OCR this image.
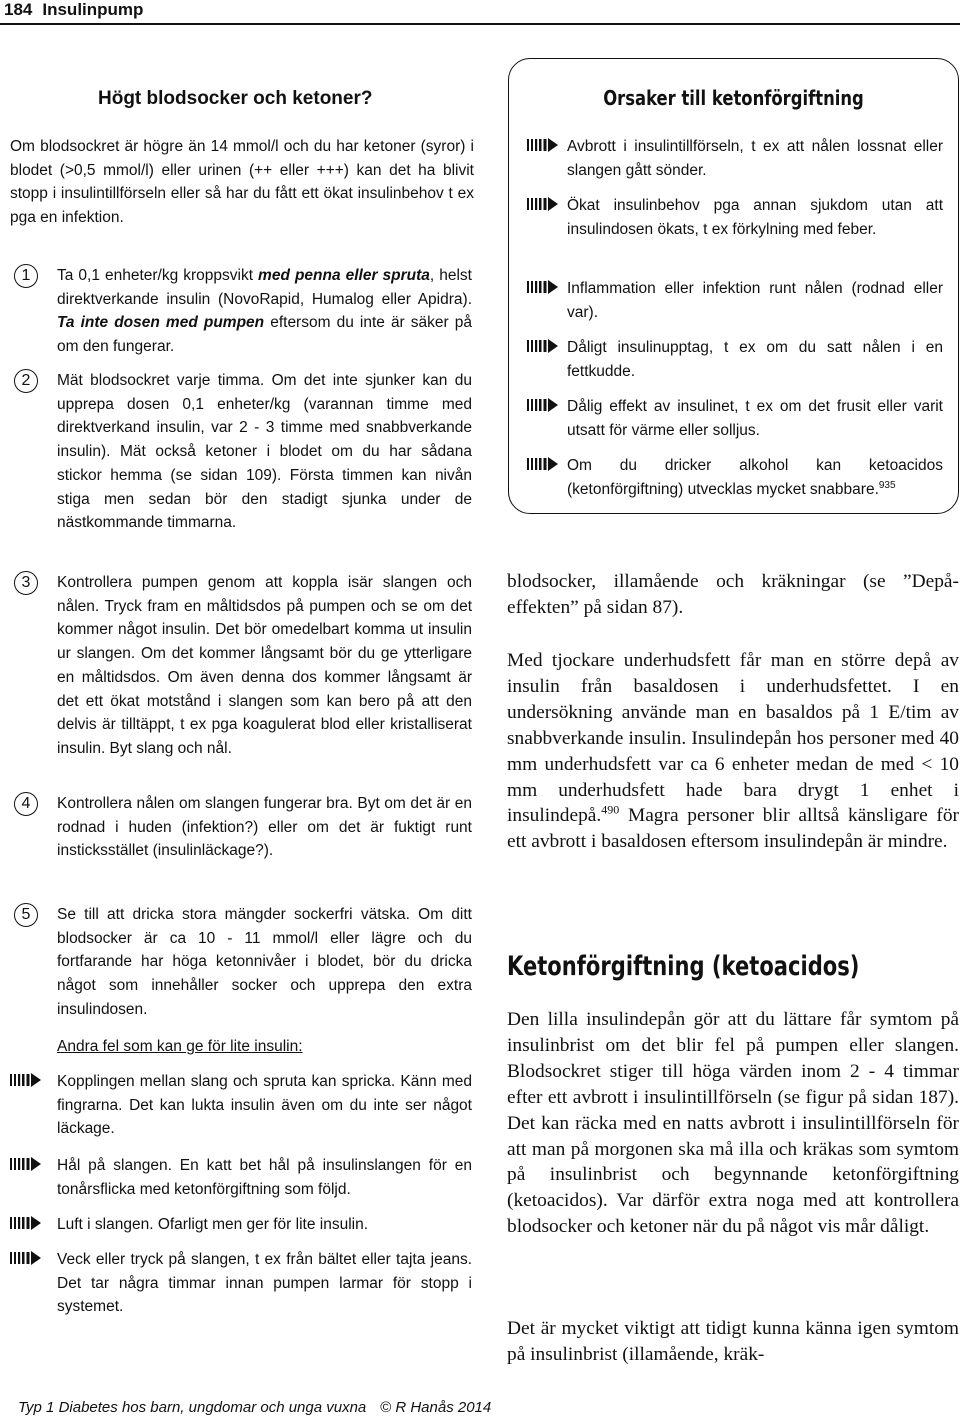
184 Insulinpump
Högt blodsocker och ketoner?

Om blodsockret är högre än 14 mmol/l och du har ketoner (syror) i blodet (>0,5 mmol/l) eller urinen (++ eller +++) kan det ha blivit stopp i insulintillförseln eller så har du fått ett ökat insulinbehov t ex pga en infektion.

1	Ta 0,1 enheter/kg kroppsvikt med penna eller spruta, helst direktverkande insulin (NovoRapid, Humalog eller Apidra). Ta inte dosen med pumpen eftersom du inte är säker på om den fungerar.

2	Mät blodsockret varje timma. Om det inte sjunker kan du upprepa dosen 0,1 enheter/kg (varannan timme med direktverkand insulin, var 2 - 3 timme med snabbverkande insulin). Mät också ketoner i blodet om du har sådana stickor hemma (se sidan 109). Första timmen kan nivån stiga men sedan bör den stadigt sjunka under de nästkommande timmarna.

3	Kontrollera pumpen genom att koppla isär slangen och nålen. Tryck fram en måltidsdos på pumpen och se om det kommer något insulin. Det bör omedelbart komma ut insulin ur slangen. Om det kommer långsamt bör du ge ytterligare en måltidsdos. Om även denna dos kommer långsamt är det ett ökat motstånd i slangen som kan bero på att den delvis är tilltäppt, t ex pga koagulerat blod eller kristalliserat insulin. Byt slang och nål.

4	Kontrollera nålen om slangen fungerar bra. Byt om det är en rodnad i huden (infektion?) eller om det är fuktigt runt insticksstället (insulinläckage?).

5	Se till att dricka stora mängder sockerfri vätska. Om ditt blodsocker är ca 10 - 11 mmol/l eller lägre och du fortfarande har höga ketonnivåer i blodet, bör du dricka något som innehåller socker och upprepa den extra insulindosen.

Andra fel som kan ge för lite insulin:

Kopplingen mellan slang och spruta kan spricka. Känn med fingrarna. Det kan lukta insulin även om du inte ser något läckage.

Hål på slangen. En katt bet hål på insulinslangen för en tonårsflicka med ketonförgiftning som följd.

Luft i slangen. Ofarligt men ger för lite insulin.

Veck eller tryck på slangen, t ex från bältet eller tajta jeans. Det tar några timmar innan pumpen larmar för stopp i systemet.

Orsaker till ketonförgiftning

Avbrott i insulintillförseln, t ex att nålen lossnat eller slangen gått sönder.

Ökat insulinbehov pga annan sjukdom utan att insulindosen ökats, t ex förkylning med feber.

Inflammation eller infektion runt nålen (rodnad eller var).

Dåligt insulinupptag, t ex om du satt nålen i en fettkudde.

Dålig effekt av insulinet, t ex om det frusit eller varit utsatt för värme eller solljus.

Om du dricker alkohol kan ketoacidos (ketonförgiftning) utvecklas mycket snabbare.$^{935}$

blodsocker, illamående och kräkningar (se ”Depå-effekten” på sidan 87).

Med tjockare underhudsfett får man en större depå av insulin från basaldosen i underhudsfettet. I en undersökning använde man en basaldos på 1 E/tim av snabbverkande insulin. Insulindepån hos personer med 40 mm underhudsfett var ca 6 enheter medan de med < 10 mm underhudsfett hade bara drygt 1 enhet i insulindepå.$^{490}$ Magra personer blir alltså känsligare för ett avbrott i basaldosen eftersom insulindepån är mindre.

Ketonförgiftning (ketoacidos)

Den lilla insulindepån gör att du lättare får symtom på insulinbrist om det blir fel på pumpen eller slangen. Blodsockret stiger till höga värden inom 2 - 4 timmar efter ett avbrott i insulintillförseln (se figur på sidan 187). Det kan räcka med en natts avbrott i insulintillförseln för att man på morgonen ska må illa och kräkas som symtom på insulinbrist och begynnande ketonförgiftning (ketoacidos). Var därför extra noga med att kontrollera blodsocker och ketoner när du på något vis mår dåligt.

Det är mycket viktigt att tidigt kunna känna igen symtom på insulinbrist (illamående, kräk-

Typ 1 Diabetes hos barn, ungdomar och unga vuxna © R Hanås 2014
